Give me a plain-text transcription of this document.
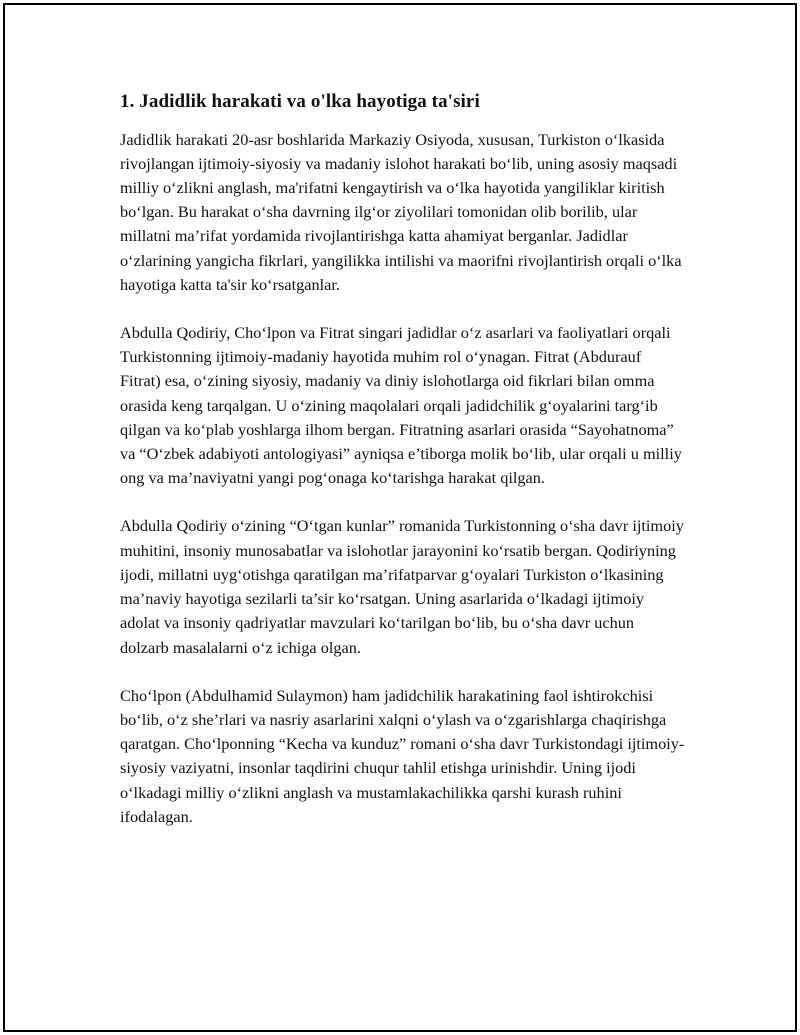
1. Jadidlik harakati va o'lka hayotiga ta'siri

Jadidlik harakati 20-asr boshlarida Markaziy Osiyoda, xususan, Turkiston o‘lkasida rivojlangan ijtimoiy-siyosiy va madaniy islohot harakati bo‘lib, uning asosiy maqsadi milliy o‘zlikni anglash, ma'rifatni kengaytirish va o‘lka hayotida yangiliklar kiritish bo‘lgan. Bu harakat o‘sha davrning ilg‘or ziyolilari tomonidan olib borilib, ular millatni ma’rifat yordamida rivojlantirishga katta ahamiyat berganlar. Jadidlar o‘zlarining yangicha fikrlari, yangilikka intilishi va maorifni rivojlantirish orqali o‘lka hayotiga katta ta'sir ko‘rsatganlar.

Abdulla Qodiriy, Cho‘lpon va Fitrat singari jadidlar o‘z asarlari va faoliyatlari orqali Turkistonning ijtimoiy-madaniy hayotida muhim rol o‘ynagan. Fitrat (Abdurauf Fitrat) esa, o‘zining siyosiy, madaniy va diniy islohotlarga oid fikrlari bilan omma orasida keng tarqalgan. U o‘zining maqolalari orqali jadidchilik g‘oyalarini targ‘ib qilgan va ko‘plab yoshlarga ilhom bergan. Fitratning asarlari orasida “Sayohatnoma” va “O‘zbek adabiyoti antologiyasi” ayniqsa e’tiborga molik bo‘lib, ular orqali u milliy ong va ma’naviyatni yangi pog‘onaga ko‘tarishga harakat qilgan.

Abdulla Qodiriy o‘zining “O‘tgan kunlar” romanida Turkistonning o‘sha davr ijtimoiy muhitini, insoniy munosabatlar va islohotlar jarayonini ko‘rsatib bergan. Qodiriyning ijodi, millatni uyg‘otishga qaratilgan ma’rifatparvar g‘oyalari Turkiston o‘lkasining ma’naviy hayotiga sezilarli ta’sir ko‘rsatgan. Uning asarlarida o‘lkadagi ijtimoiy adolat va insoniy qadriyatlar mavzulari ko‘tarilgan bo‘lib, bu o‘sha davr uchun dolzarb masalalarni o‘z ichiga olgan.

Cho‘lpon (Abdulhamid Sulaymon) ham jadidchilik harakatining faol ishtirokchisi bo‘lib, o‘z she’rlari va nasriy asarlarini xalqni o‘ylash va o‘zgarishlarga chaqirishga qaratgan. Cho‘lponning “Kecha va kunduz” romani o‘sha davr Turkistondagi ijtimoiy-siyosiy vaziyatni, insonlar taqdirini chuqur tahlil etishga urinishdir. Uning ijodi o‘lkadagi milliy o‘zlikni anglash va mustamlakachilikka qarshi kurash ruhini ifodalagan.
